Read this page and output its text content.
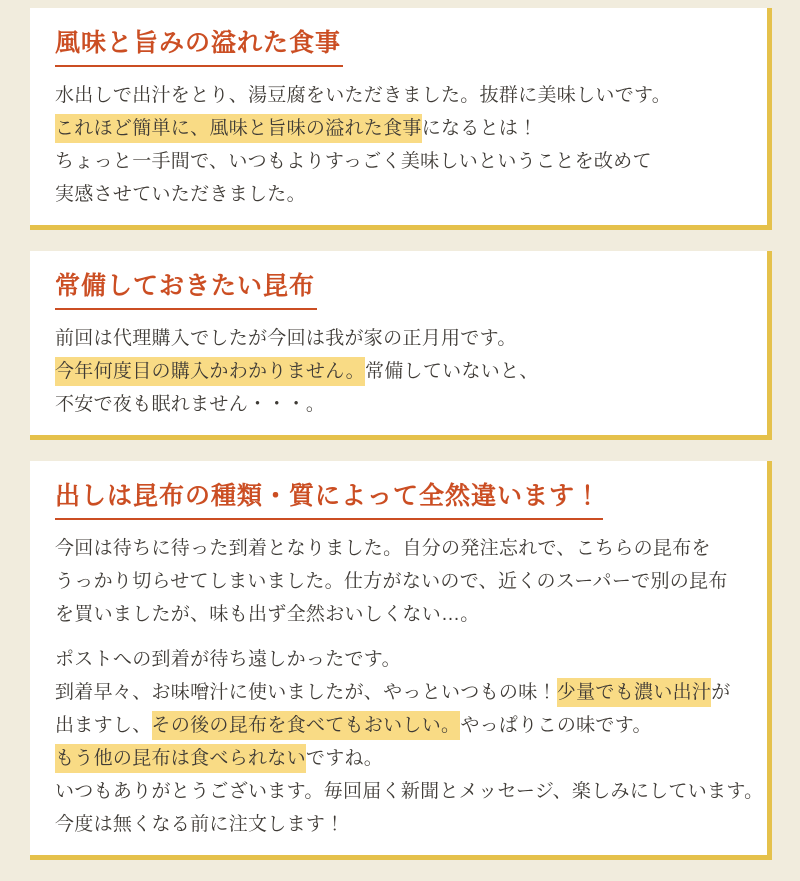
風味と旨みの溢れた食事
水出しで出汁をとり、湯豆腐をいただきました。抜群に美味しいです。
これほど簡単に、風味と旨味の溢れた食事になるとは！
ちょっと一手間で、いつもよりすっごく美味しいということを改めて
実感させていただきました。
常備しておきたい昆布
前回は代理購入でしたが今回は我が家の正月用です。
今年何度目の購入かわかりません。常備していないと、
不安で夜も眠れません・・・。
出しは昆布の種類・質によって全然違います！
今回は待ちに待った到着となりました。自分の発注忘れで、こちらの昆布を
うっかり切らせてしまいました。仕方がないので、近くのスーパーで別の昆布
を買いましたが、味も出ず全然おいしくない…。
ポストへの到着が待ち遠しかったです。
到着早々、お味噌汁に使いましたが、やっといつもの味！少量でも濃い出汁が
出ますし、その後の昆布を食べてもおいしい。やっぱりこの味です。
もう他の昆布は食べられないですね。
いつもありがとうございます。毎回届く新聞とメッセージ、楽しみにしています。
今度は無くなる前に注文します！
